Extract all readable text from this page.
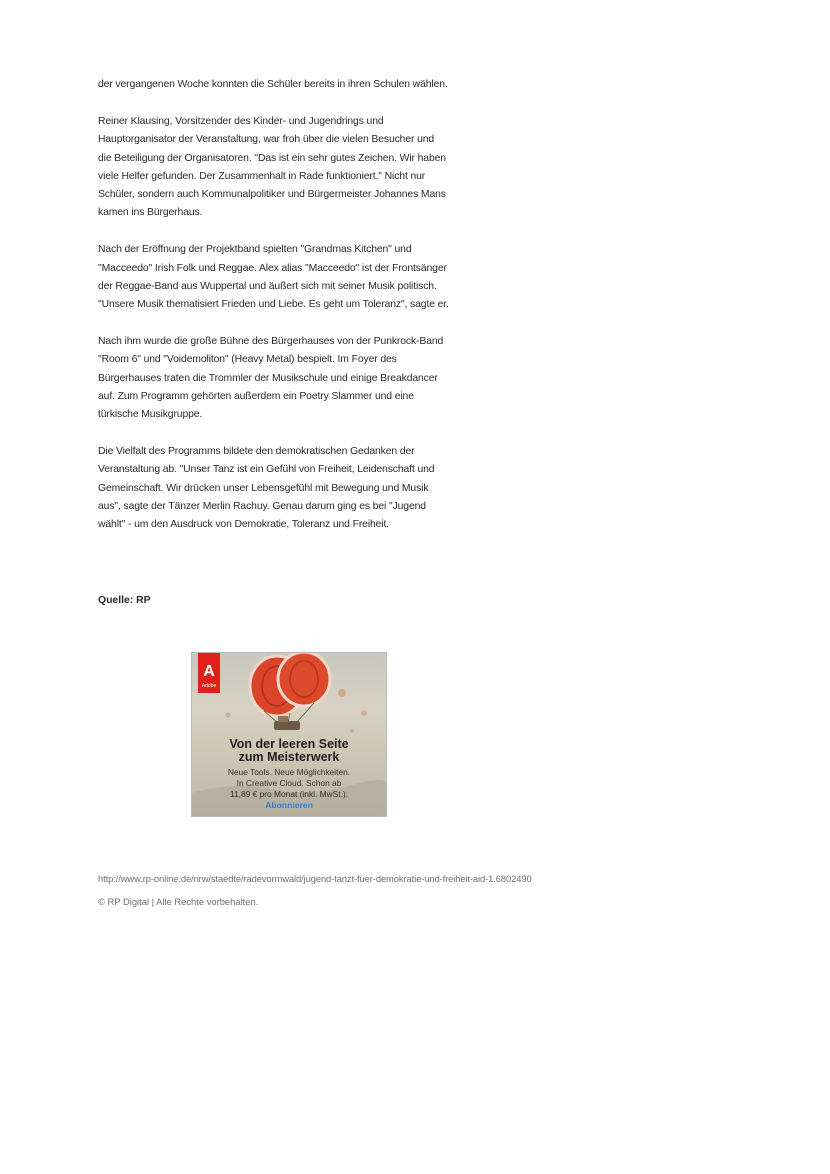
der vergangenen Woche konnten die Schüler bereits in ihren Schulen wählen.

Reiner Klausing, Vorsitzender des Kinder- und Jugendrings und Hauptorganisator der Veranstaltung, war froh über die vielen Besucher und die Beteiligung der Organisatoren. "Das ist ein sehr gutes Zeichen. Wir haben viele Helfer gefunden. Der Zusammenhalt in Rade funktioniert." Nicht nur Schüler, sondern auch Kommunalpolitiker und Bürgermeister Johannes Mans kamen ins Bürgerhaus.

Nach der Eröffnung der Projektband spielten "Grandmas Kitchen" und "Macceedo" Irish Folk und Reggae. Alex alias "Macceedo" ist der Frontsänger der Reggae-Band aus Wuppertal und äußert sich mit seiner Musik politisch. "Unsere Musik thematisiert Frieden und Liebe. Es geht um Toleranz", sagte er.

Nach ihm wurde die große Bühne des Bürgerhauses von der Punkrock-Band "Room 6" und "Voidemoliton" (Heavy Metal) bespielt. Im Foyer des Bürgerhauses traten die Trommler der Musikschule und einige Breakdancer auf. Zum Programm gehörten außerdem ein Poetry Slammer und eine türkische Musikgruppe.

Die Vielfalt des Programms bildete den demokratischen Gedanken der Veranstaltung ab. "Unser Tanz ist ein Gefühl von Freiheit, Leidenschaft und Gemeinschaft. Wir drücken unser Lebensgefühl mit Bewegung und Musik aus", sagte der Tänzer Merlin Rachuy. Genau darum ging es bei "Jugend wählt" - um den Ausdruck von Demokratie, Toleranz und Freiheit.

Quelle: RP
A
Adobe
Von der leeren Seite
zum Meisterwerk
Neue Tools. Neue Möglichkeiten.
In Creative Cloud. Schon ab
11,89 € pro Monat (inkl. MwSt.).
Abonnieren
http://www.rp-online.de/nrw/staedte/radevormwald/jugend-tanzt-fuer-demokratie-und-freiheit-aid-1.6802490
© RP Digital | Alle Rechte vorbehalten.
